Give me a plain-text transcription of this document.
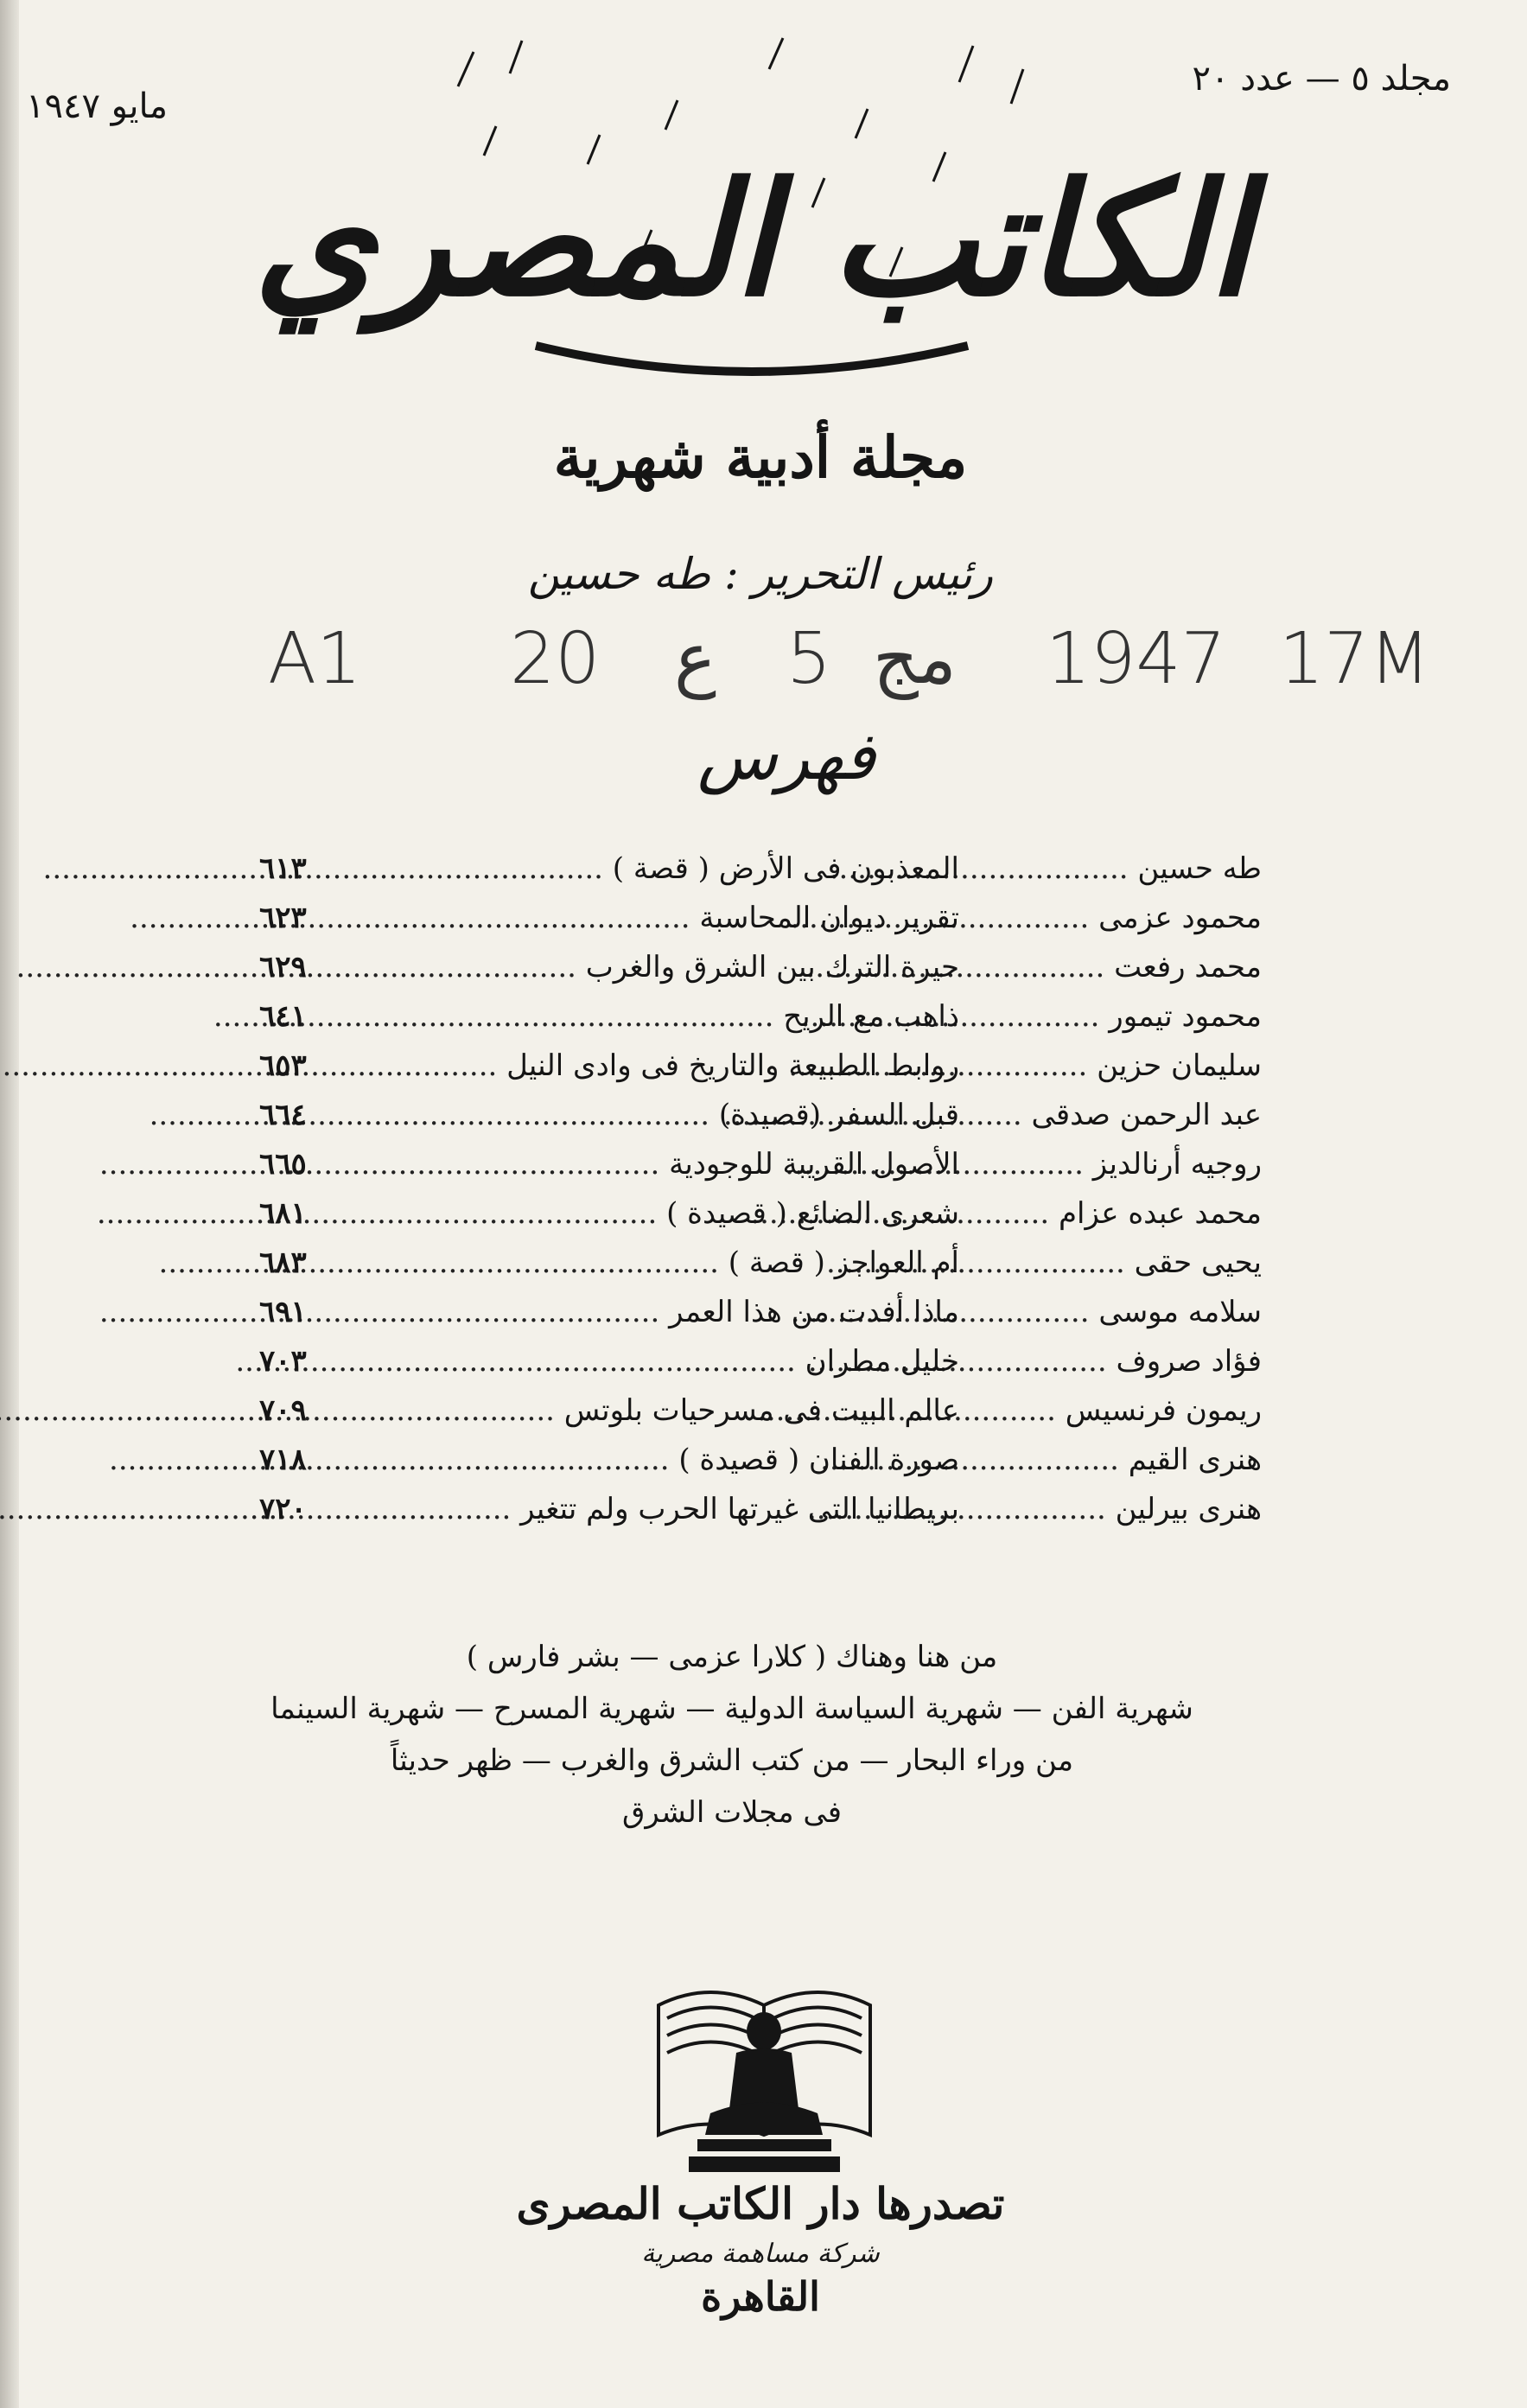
مجلد ٥ — عدد ٢٠
مايو ١٩٤٧
الكاتب المصري
مجلة أدبية شهرية
رئيس التحرير : طه حسين
A1 20 ع 5 مج 1947 17M
فهرس
طه حسين .....
المعذبون فى الأرض ( قصة ) .....
٦١٣
محمود عزمى .....
تقرير ديوان المحاسبة .....
٦٢٣
محمد رفعت .....
حيرة الترك بين الشرق والغرب .....
٦٢٩
محمود تيمور .....
ذاهب مع الريح .....
٦٤١
سليمان حزين .....
روابط الطبيعة والتاريخ فى وادى النيل .....
٦٥٣
عبد الرحمن صدقى .....
قبل السفر (قصيدة) .....
٦٦٤
روجيه أرنالديز .....
الأصول القريبة للوجودية .....
٦٦٥
محمد عبده عزام .....
شعرى الضائع ( قصيدة ) .....
٦٨١
يحيى حقى .....
أم العواجز ( قصة ) .....
٦٨٣
سلامه موسى .....
ماذا أفدت من هذا العمر .....
٦٩١
فؤاد صروف .....
خليل مطران .....
٧٠٣
ريمون فرنسيس .....
عالم البيت فى مسرحيات بلوتس .....
٧٠٩
هنرى القيم .....
صورة الفنان ( قصيدة ) .....
٧١٨
هنرى بيرلين .....
بريطانيا التى غيرتها الحرب ولم تتغير .....
٧٢٠
من هنا وهناك ( كلارا عزمى — بشر فارس )
شهرية الفن — شهرية السياسة الدولية — شهرية المسرح — شهرية السينما
من وراء البحار — من كتب الشرق والغرب — ظهر حديثاً
فى مجلات الشرق
تصدرها دار الكاتب المصرى
شركة مساهمة مصرية
القاهرة
